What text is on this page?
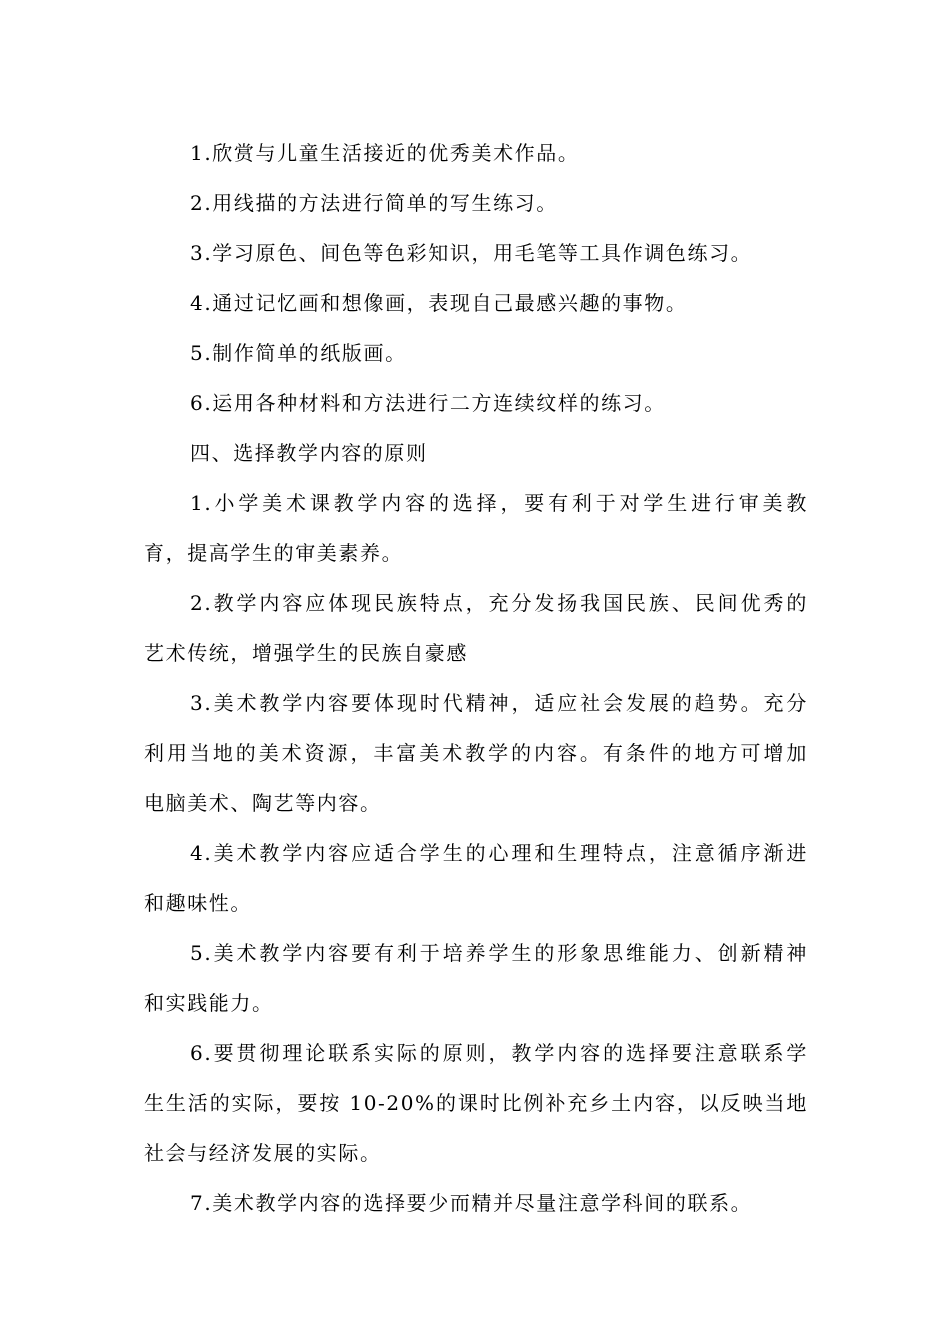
1.欣赏与儿童生活接近的优秀美术作品。
2.用线描的方法进行简单的写生练习。
3.学习原色、间色等色彩知识，用毛笔等工具作调色练习。
4.通过记忆画和想像画，表现自己最感兴趣的事物。
5.制作简单的纸版画。
6.运用各种材料和方法进行二方连续纹样的练习。
四、选择教学内容的原则
1.小学美术课教学内容的选择，要有利于对学生进行审美教
育，提高学生的审美素养。
2.教学内容应体现民族特点，充分发扬我国民族、民间优秀的
艺术传统，增强学生的民族自豪感
3.美术教学内容要体现时代精神，适应社会发展的趋势。充分
利用当地的美术资源，丰富美术教学的内容。有条件的地方可增加
电脑美术、陶艺等内容。
4.美术教学内容应适合学生的心理和生理特点，注意循序渐进
和趣味性。
5.美术教学内容要有利于培养学生的形象思维能力、创新精神
和实践能力。
6.要贯彻理论联系实际的原则，教学内容的选择要注意联系学
生生活的实际，要按 10-20%的课时比例补充乡土内容，以反映当地
社会与经济发展的实际。
7.美术教学内容的选择要少而精并尽量注意学科间的联系。
